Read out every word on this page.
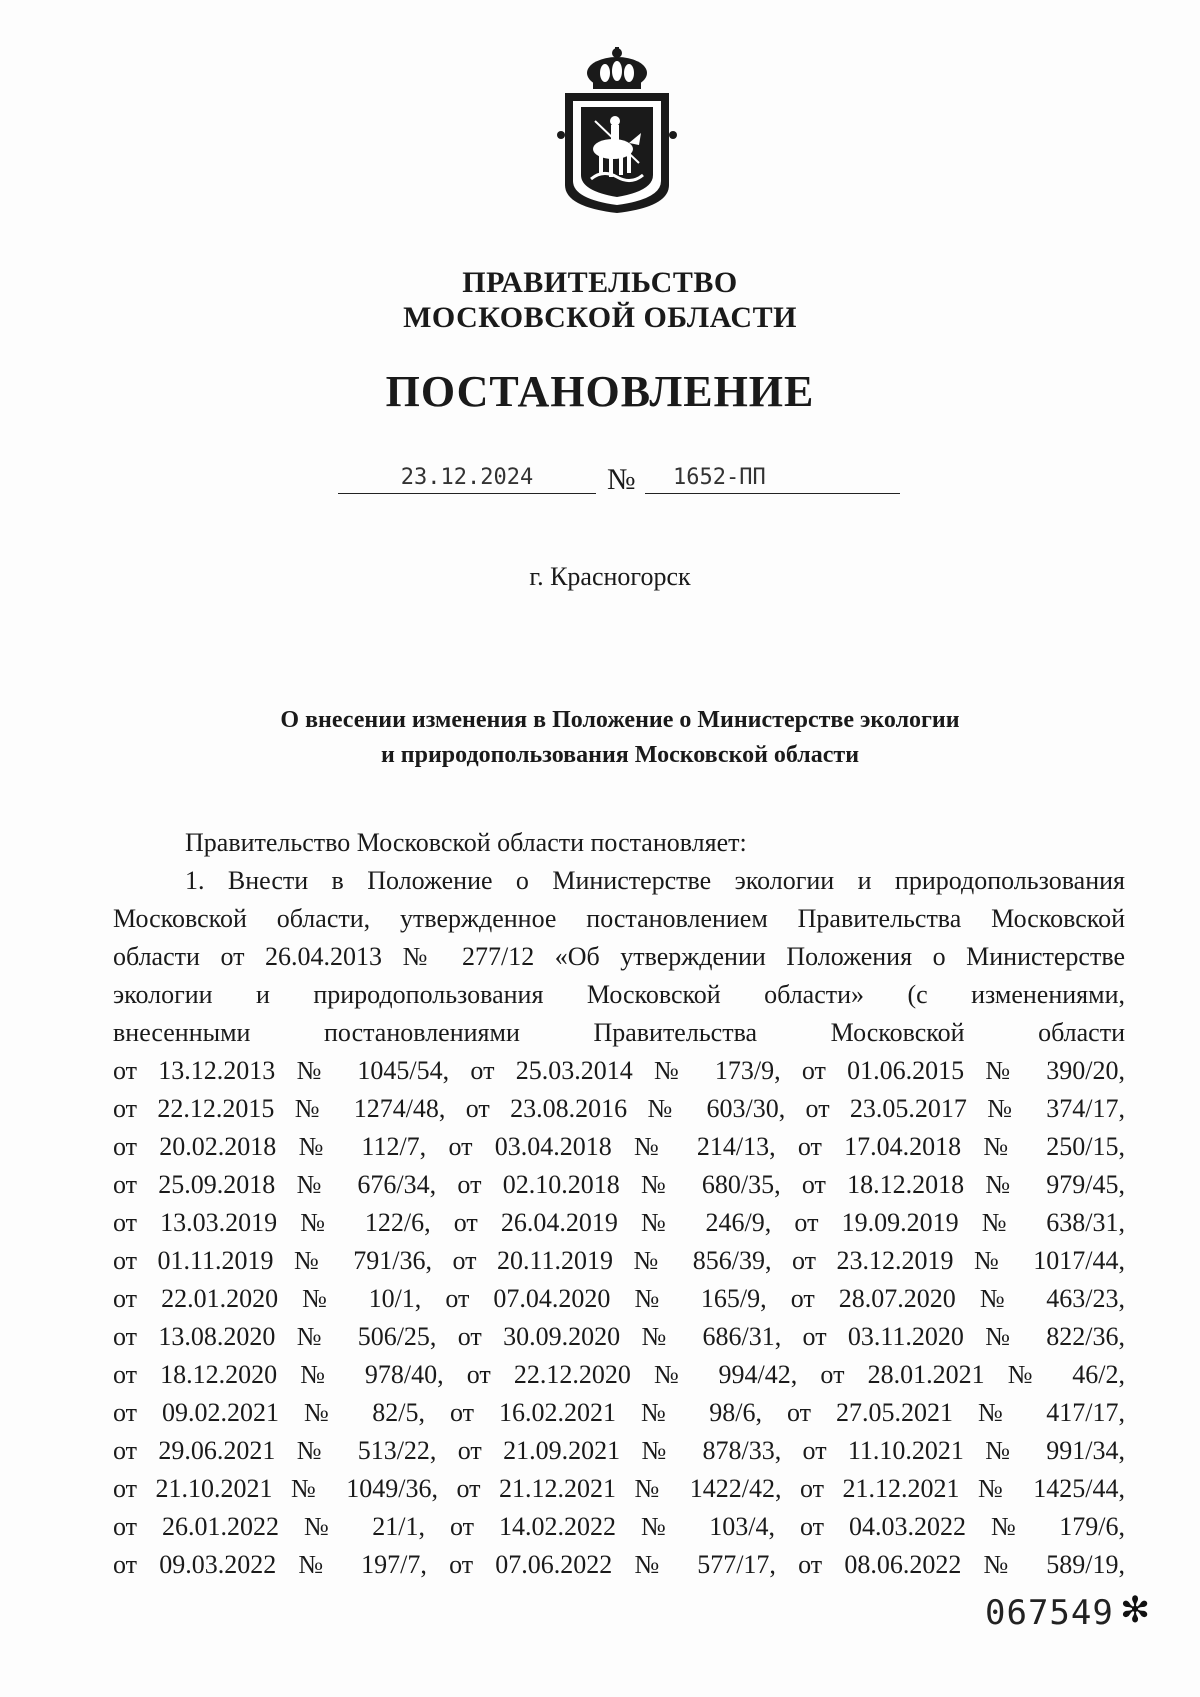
ПРАВИТЕЛЬСТВО
МОСКОВСКОЙ ОБЛАСТИ
ПОСТАНОВЛЕНИЕ
23.12.2024	№	1652-ПП
г. Красногорск
О внесении изменения в Положение о Министерстве экологии
и природопользования Московской области
Правительство Московской области постановляет:
1. Внести в Положение о Министерстве экологии и природопользования
Московской области, утвержденное постановлением Правительства Московской
области от 26.04.2013 № 277/12 «Об утверждении Положения о Министерстве
экологии и природопользования Московской области» (с изменениями,
внесенными постановлениями Правительства Московской области
от 13.12.2013 № 1045/54, от 25.03.2014 № 173/9, от 01.06.2015 № 390/20,
от 22.12.2015 № 1274/48, от 23.08.2016 № 603/30, от 23.05.2017 № 374/17,
от 20.02.2018 № 112/7, от 03.04.2018 № 214/13, от 17.04.2018 № 250/15,
от 25.09.2018 № 676/34, от 02.10.2018 № 680/35, от 18.12.2018 № 979/45,
от 13.03.2019 № 122/6, от 26.04.2019 № 246/9, от 19.09.2019 № 638/31,
от 01.11.2019 № 791/36, от 20.11.2019 № 856/39, от 23.12.2019 № 1017/44,
от 22.01.2020 № 10/1, от 07.04.2020 № 165/9, от 28.07.2020 № 463/23,
от 13.08.2020 № 506/25, от 30.09.2020 № 686/31, от 03.11.2020 № 822/36,
от 18.12.2020 № 978/40, от 22.12.2020 № 994/42, от 28.01.2021 № 46/2,
от 09.02.2021 № 82/5, от 16.02.2021 № 98/6, от 27.05.2021 № 417/17,
от 29.06.2021 № 513/22, от 21.09.2021 № 878/33, от 11.10.2021 № 991/34,
от 21.10.2021 № 1049/36, от 21.12.2021 № 1422/42, от 21.12.2021 № 1425/44,
от 26.01.2022 № 21/1, от 14.02.2022 № 103/4, от 04.03.2022 № 179/6,
от 09.03.2022 № 197/7, от 07.06.2022 № 577/17, от 08.06.2022 № 589/19,
067549 ✻
